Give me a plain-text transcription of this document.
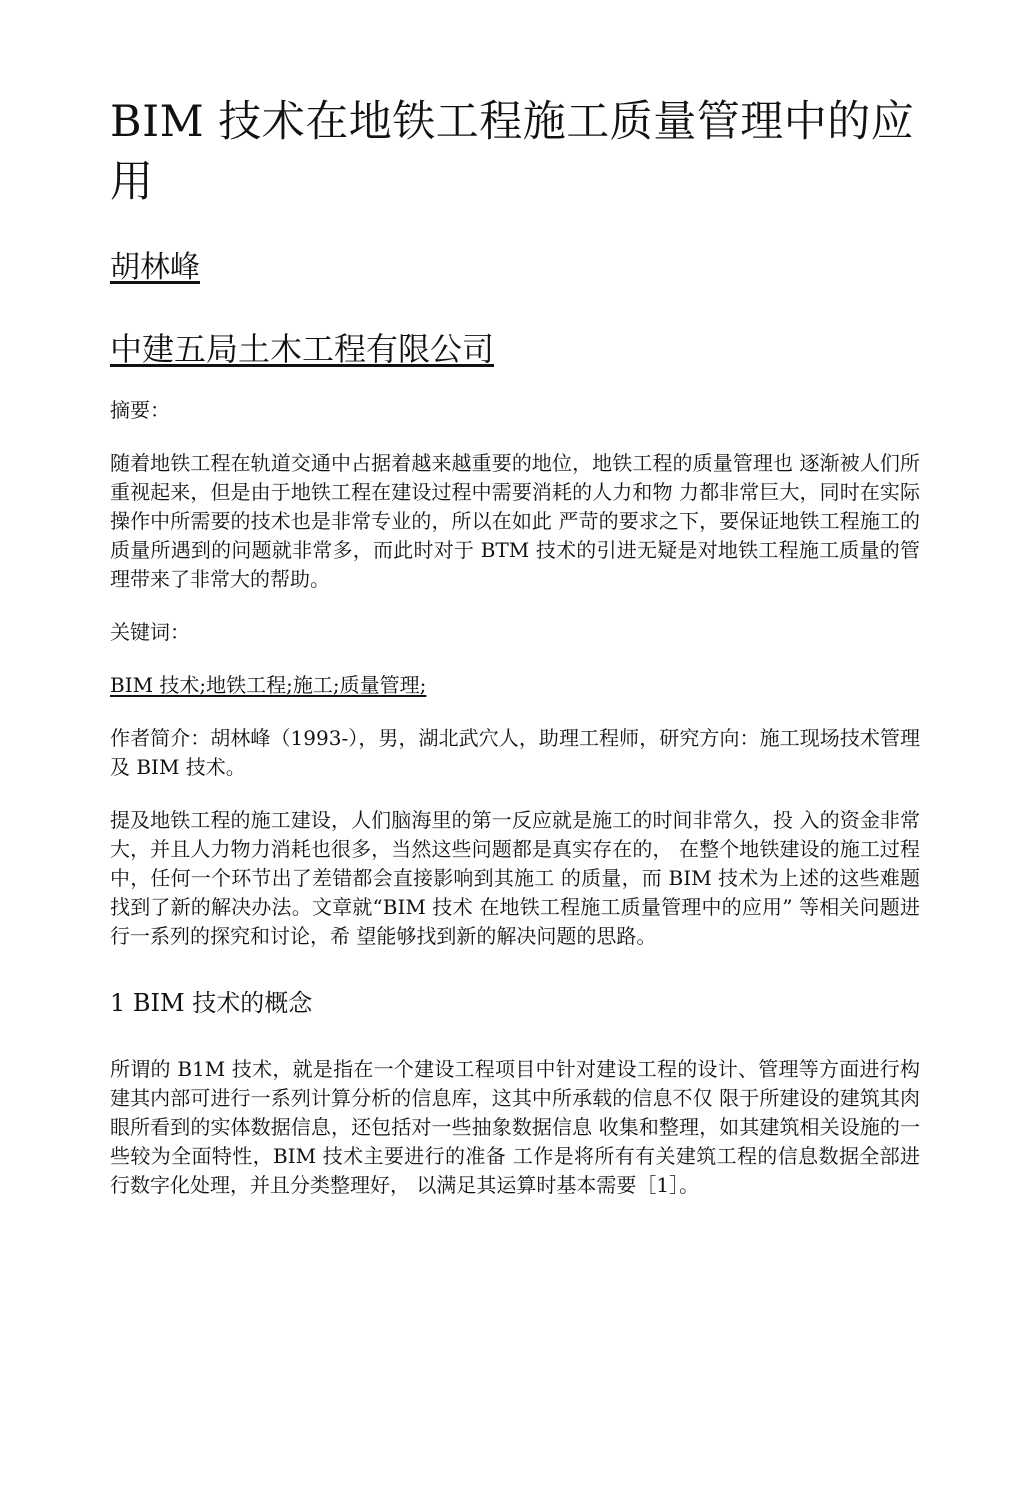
BIM 技术在地铁工程施工质量管理中的应用
胡林峰
中建五局土木工程有限公司

摘要：

随着地铁工程在轨道交通中占据着越来越重要的地位，地铁工程的质量管理也 逐渐被人们所重视起来，但是由于地铁工程在建设过程中需要消耗的人力和物 力都非常巨大，同时在实际操作中所需要的技术也是非常专业的，所以在如此 严苛的要求之下，要保证地铁工程施工的质量所遇到的问题就非常多，而此时对于 BTM 技术的引进无疑是对地铁工程施工质量的管理带来了非常大的帮助。

关键词：

BIM 技术;地铁工程;施工;质量管理;

作者简介：胡林峰（1993-），男，湖北武穴人，助理工程师，研究方向：施工现场技术管理及 BIM 技术。

提及地铁工程的施工建设，人们脑海里的第一反应就是施工的时间非常久，投 入的资金非常大，并且人力物力消耗也很多，当然这些问题都是真实存在的， 在整个地铁建设的施工过程中，任何一个环节出了差错都会直接影响到其施工 的质量，而 BIM 技术为上述的这些难题找到了新的解决办法。文章就“BIM 技术 在地铁工程施工质量管理中的应用” 等相关问题进行一系列的探究和讨论，希 望能够找到新的解决问题的思路。

1 BIM 技术的概念

所谓的 B1M 技术，就是指在一个建设工程项目中针对建设工程的设计、管理等方面进行构建其内部可进行一系列计算分析的信息库，这其中所承载的信息不仅 限于所建设的建筑其肉眼所看到的实体数据信息，还包括对一些抽象数据信息 收集和整理，如其建筑相关设施的一些较为全面特性，BIM 技术主要进行的准备 工作是将所有有关建筑工程的信息数据全部进行数字化处理，并且分类整理好， 以满足其运算时基本需要［1］。
